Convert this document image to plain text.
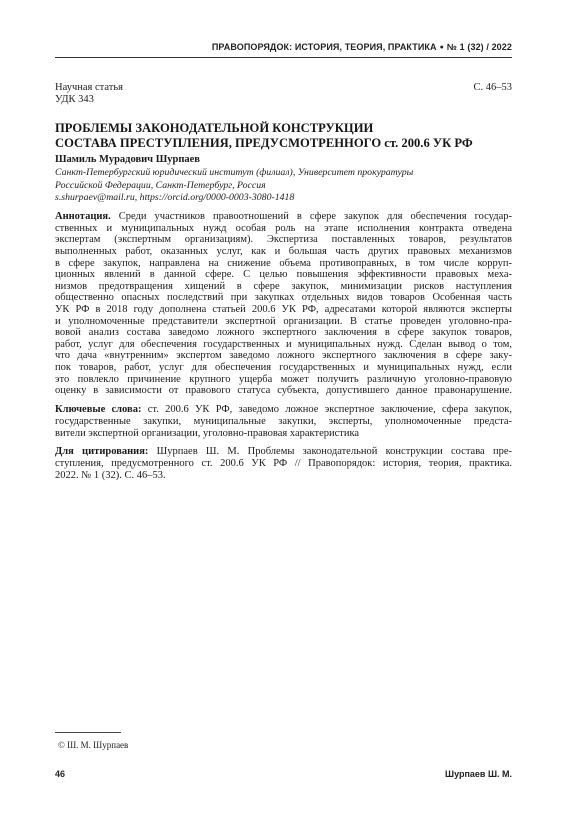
ПРАВОПОРЯДОК: ИСТОРИЯ, ТЕОРИЯ, ПРАКТИКА ● № 1 (32) / 2022
Научная статья	С. 46–53
УДК 343
ПРОБЛЕМЫ ЗАКОНОДАТЕЛЬНОЙ КОНСТРУКЦИИ
СОСТАВА ПРЕСТУПЛЕНИЯ, ПРЕДУСМОТРЕННОГО ст. 200.6 УК РФ
Шамиль Мурадович Шурпаев
Санкт-Петербургский юридический институт (филиал), Университет прокуратуры
Российской Федерации, Санкт-Петербург, Россия
s.shurpaev@mail.ru, https://orcid.org/0000-0003-3080-1418
Аннотация. Среди участников правоотношений в сфере закупок для обеспечения государ-
ственных и муниципальных нужд особая роль на этапе исполнения контракта отведена
экспертам (экспертным организациям). Экспертиза поставленных товаров, результатов
выполненных работ, оказанных услуг, как и большая часть других правовых механизмов
в сфере закупок, направлена на снижение объема противоправных, в том числе корруп-
ционных явлений в данной сфере. С целью повышения эффективности правовых меха-
низмов предотвращения хищений в сфере закупок, минимизации рисков наступления
общественно опасных последствий при закупках отдельных видов товаров Особенная часть
УК РФ в 2018 году дополнена статьей 200.6 УК РФ, адресатами которой являются эксперты
и уполномоченные представители экспертной организации. В статье проведен уголовно-пра-
вовой анализ состава заведомо ложного экспертного заключения в сфере закупок товаров,
работ, услуг для обеспечения государственных и муниципальных нужд. Сделан вывод о том,
что дача «внутренним» экспертом заведомо ложного экспертного заключения в сфере заку-
пок товаров, работ, услуг для обеспечения государственных и муниципальных нужд, если
это повлекло причинение крупного ущерба может получить различную уголовно-правовую
оценку в зависимости от правового статуса субъекта, допустившего данное правонарушение.
Ключевые слова: ст. 200.6 УК РФ, заведомо ложное экспертное заключение, сфера закупок,
государственные закупки, муниципальные закупки, эксперты, уполномоченные предста-
вители экспертной организации, уголовно-правовая характеристика
Для цитирования: Шурпаев Ш. М. Проблемы законодательной конструкции состава пре-
ступления, предусмотренного ст. 200.6 УК РФ // Правопорядок: история, теория, практика.
2022. № 1 (32). С. 46–53.
© Ш. М. Шурпаев
46	Шурпаев Ш. М.
